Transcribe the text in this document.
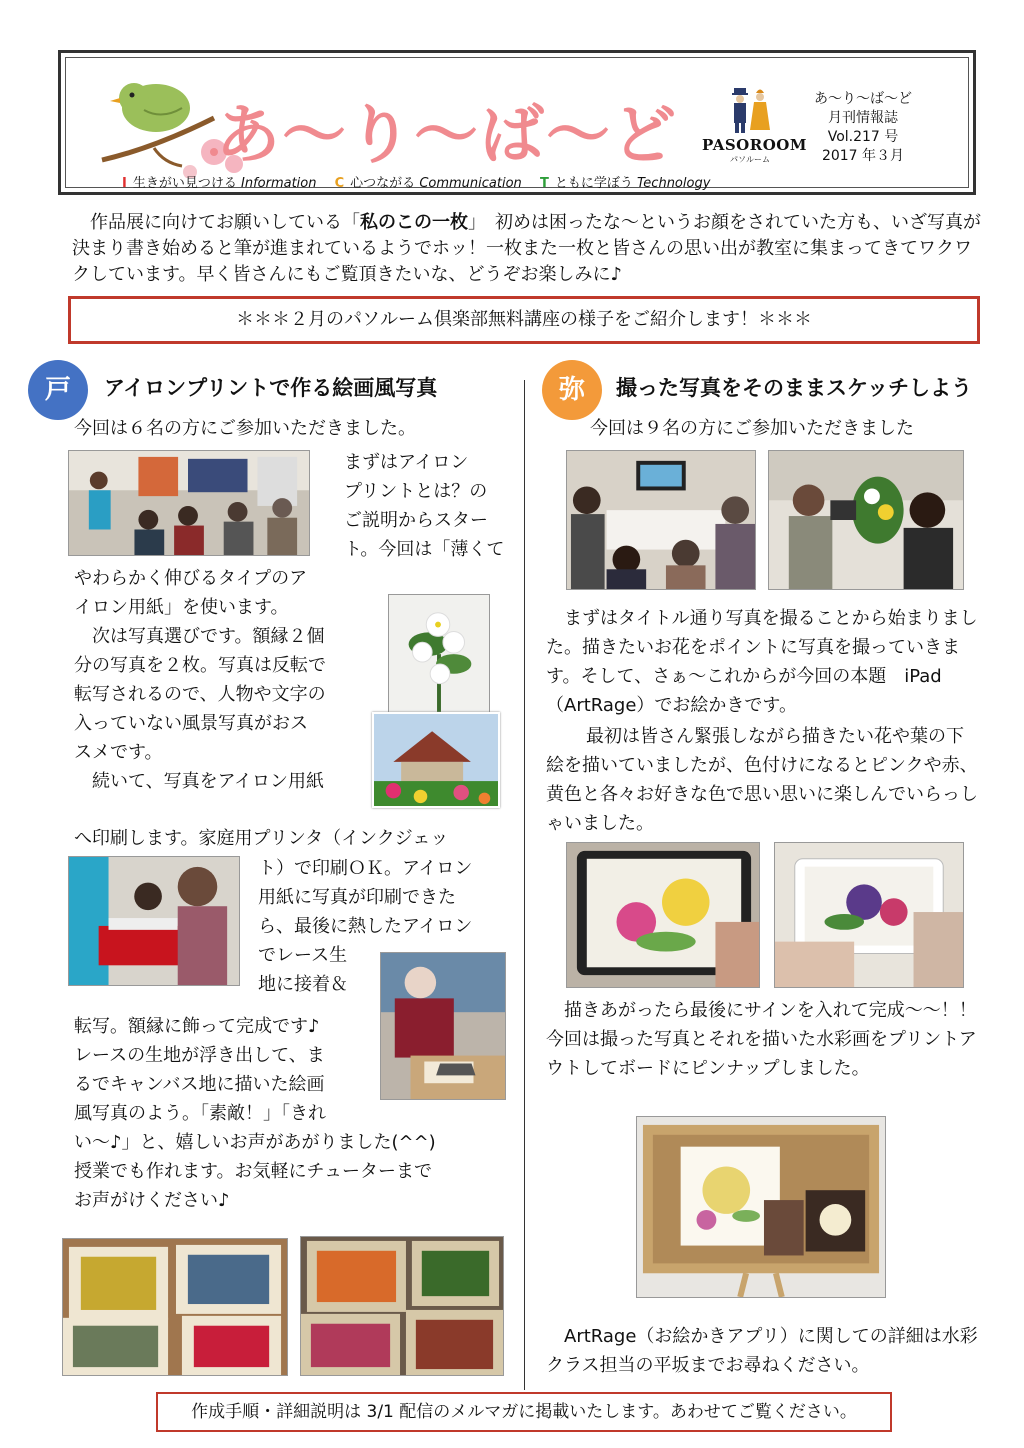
あ～り～ば～ど PASOROOM
パソルーム
あ～り～ば～ど
月刊情報誌
Vol.217 号
2017 年３月
I 生きがい見つける Information C 心つながる Communication T ともに学ぼう Technology
作品展に向けてお願いしている「私のこの一枚」　初めは困ったな～というお顔をされていた方も、いざ写真が決まり書き始めると筆が進まれているようでホッ！一枚また一枚と皆さんの思い出が教室に集まってきてワクワクしています。早く皆さんにもご覧頂きたいな、どうぞお楽しみに♪
＊＊＊２月のパソルーム倶楽部無料講座の様子をご紹介します！＊＊＊
戸	アイロンプリントで作る絵画風写真
今回は６名の方にご参加いただきました。
まずはアイロン
プリントとは？の
ご説明からスター
ト。今回は「薄くて
やわらかく伸びるタイプのア
イロン用紙」を使います。
次は写真選びです。額縁２個
分の写真を２枚。写真は反転で
転写されるので、人物や文字の
入っていない風景写真がおス
スメです。
続いて、写真をアイロン用紙
へ印刷します。家庭用プリンタ（インクジェッ
ト）で印刷ＯＫ。アイロン
用紙に写真が印刷できた
ら、最後に熱したアイロン
でレース生
地に接着＆
転写。額縁に飾って完成です♪
レースの生地が浮き出して、ま
るでキャンバス地に描いた絵画
風写真のよう。「素敵！」「きれ
い～♪」と、嬉しいお声があがりました(^^)
授業でも作れます。お気軽にチューターまで
お声がけください♪
弥	撮った写真をそのままスケッチしよう
今回は９名の方にご参加いただきました
まずはタイトル通り写真を撮ることから始まりました。描きたいお花をポイントに写真を撮っていきます。そして、さぁ～これからが今回の本題　iPad（ArtRage）でお絵かきです。
最初は皆さん緊張しながら描きたい花や葉の下絵を描いていましたが、色付けになるとピンクや赤、黄色と各々お好きな色で思い思いに楽しんでいらっしゃいました。
描きあがったら最後にサインを入れて完成～～！！今回は撮った写真とそれを描いた水彩画をプリントアウトしてボードにピンナップしました。
ArtRage（お絵かきアプリ）に関しての詳細は水彩クラス担当の平坂までお尋ねください。
作成手順・詳細説明は 3/1 配信のメルマガに掲載いたします。あわせてご覧ください。
